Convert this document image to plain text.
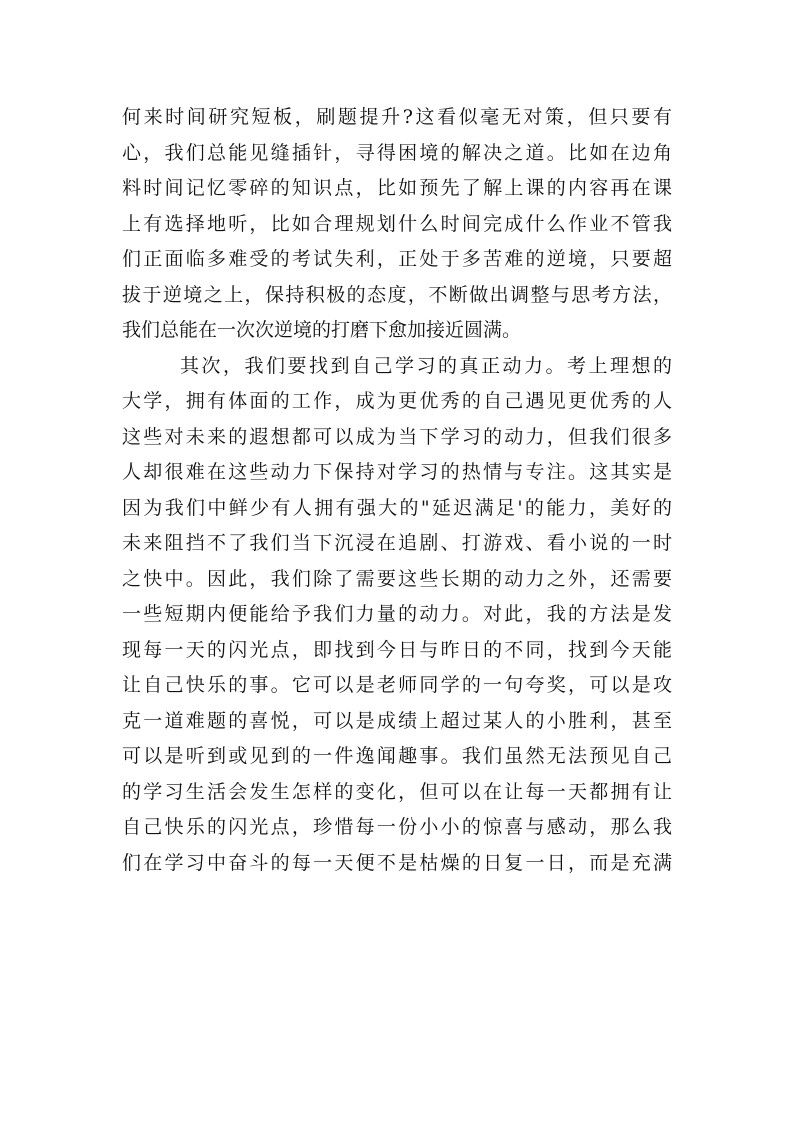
何来时间研究短板，刷题提升?这看似毫无对策，但只要有
心，我们总能见缝插针，寻得困境的解决之道。比如在边角
料时间记忆零碎的知识点，比如预先了解上课的内容再在课
上有选择地听，比如合理规划什么时间完成什么作业不管我
们正面临多难受的考试失利，正处于多苦难的逆境，只要超
拔于逆境之上，保持积极的态度，不断做出调整与思考方法，
我们总能在一次次逆境的打磨下愈加接近圆满。
其次，我们要找到自己学习的真正动力。考上理想的
大学，拥有体面的工作，成为更优秀的自己遇见更优秀的人
这些对未来的遐想都可以成为当下学习的动力，但我们很多
人却很难在这些动力下保持对学习的热情与专注。这其实是
因为我们中鲜少有人拥有强大的"延迟满足'的能力，美好的
未来阻挡不了我们当下沉浸在追剧、打游戏、看小说的一时
之快中。因此，我们除了需要这些长期的动力之外，还需要
一些短期内便能给予我们力量的动力。对此，我的方法是发
现每一天的闪光点，即找到今日与昨日的不同，找到今天能
让自己快乐的事。它可以是老师同学的一句夸奖，可以是攻
克一道难题的喜悦，可以是成绩上超过某人的小胜利，甚至
可以是听到或见到的一件逸闻趣事。我们虽然无法预见自己
的学习生活会发生怎样的变化，但可以在让每一天都拥有让
自己快乐的闪光点，珍惜每一份小小的惊喜与感动，那么我
们在学习中奋斗的每一天便不是枯燥的日复一日，而是充满
